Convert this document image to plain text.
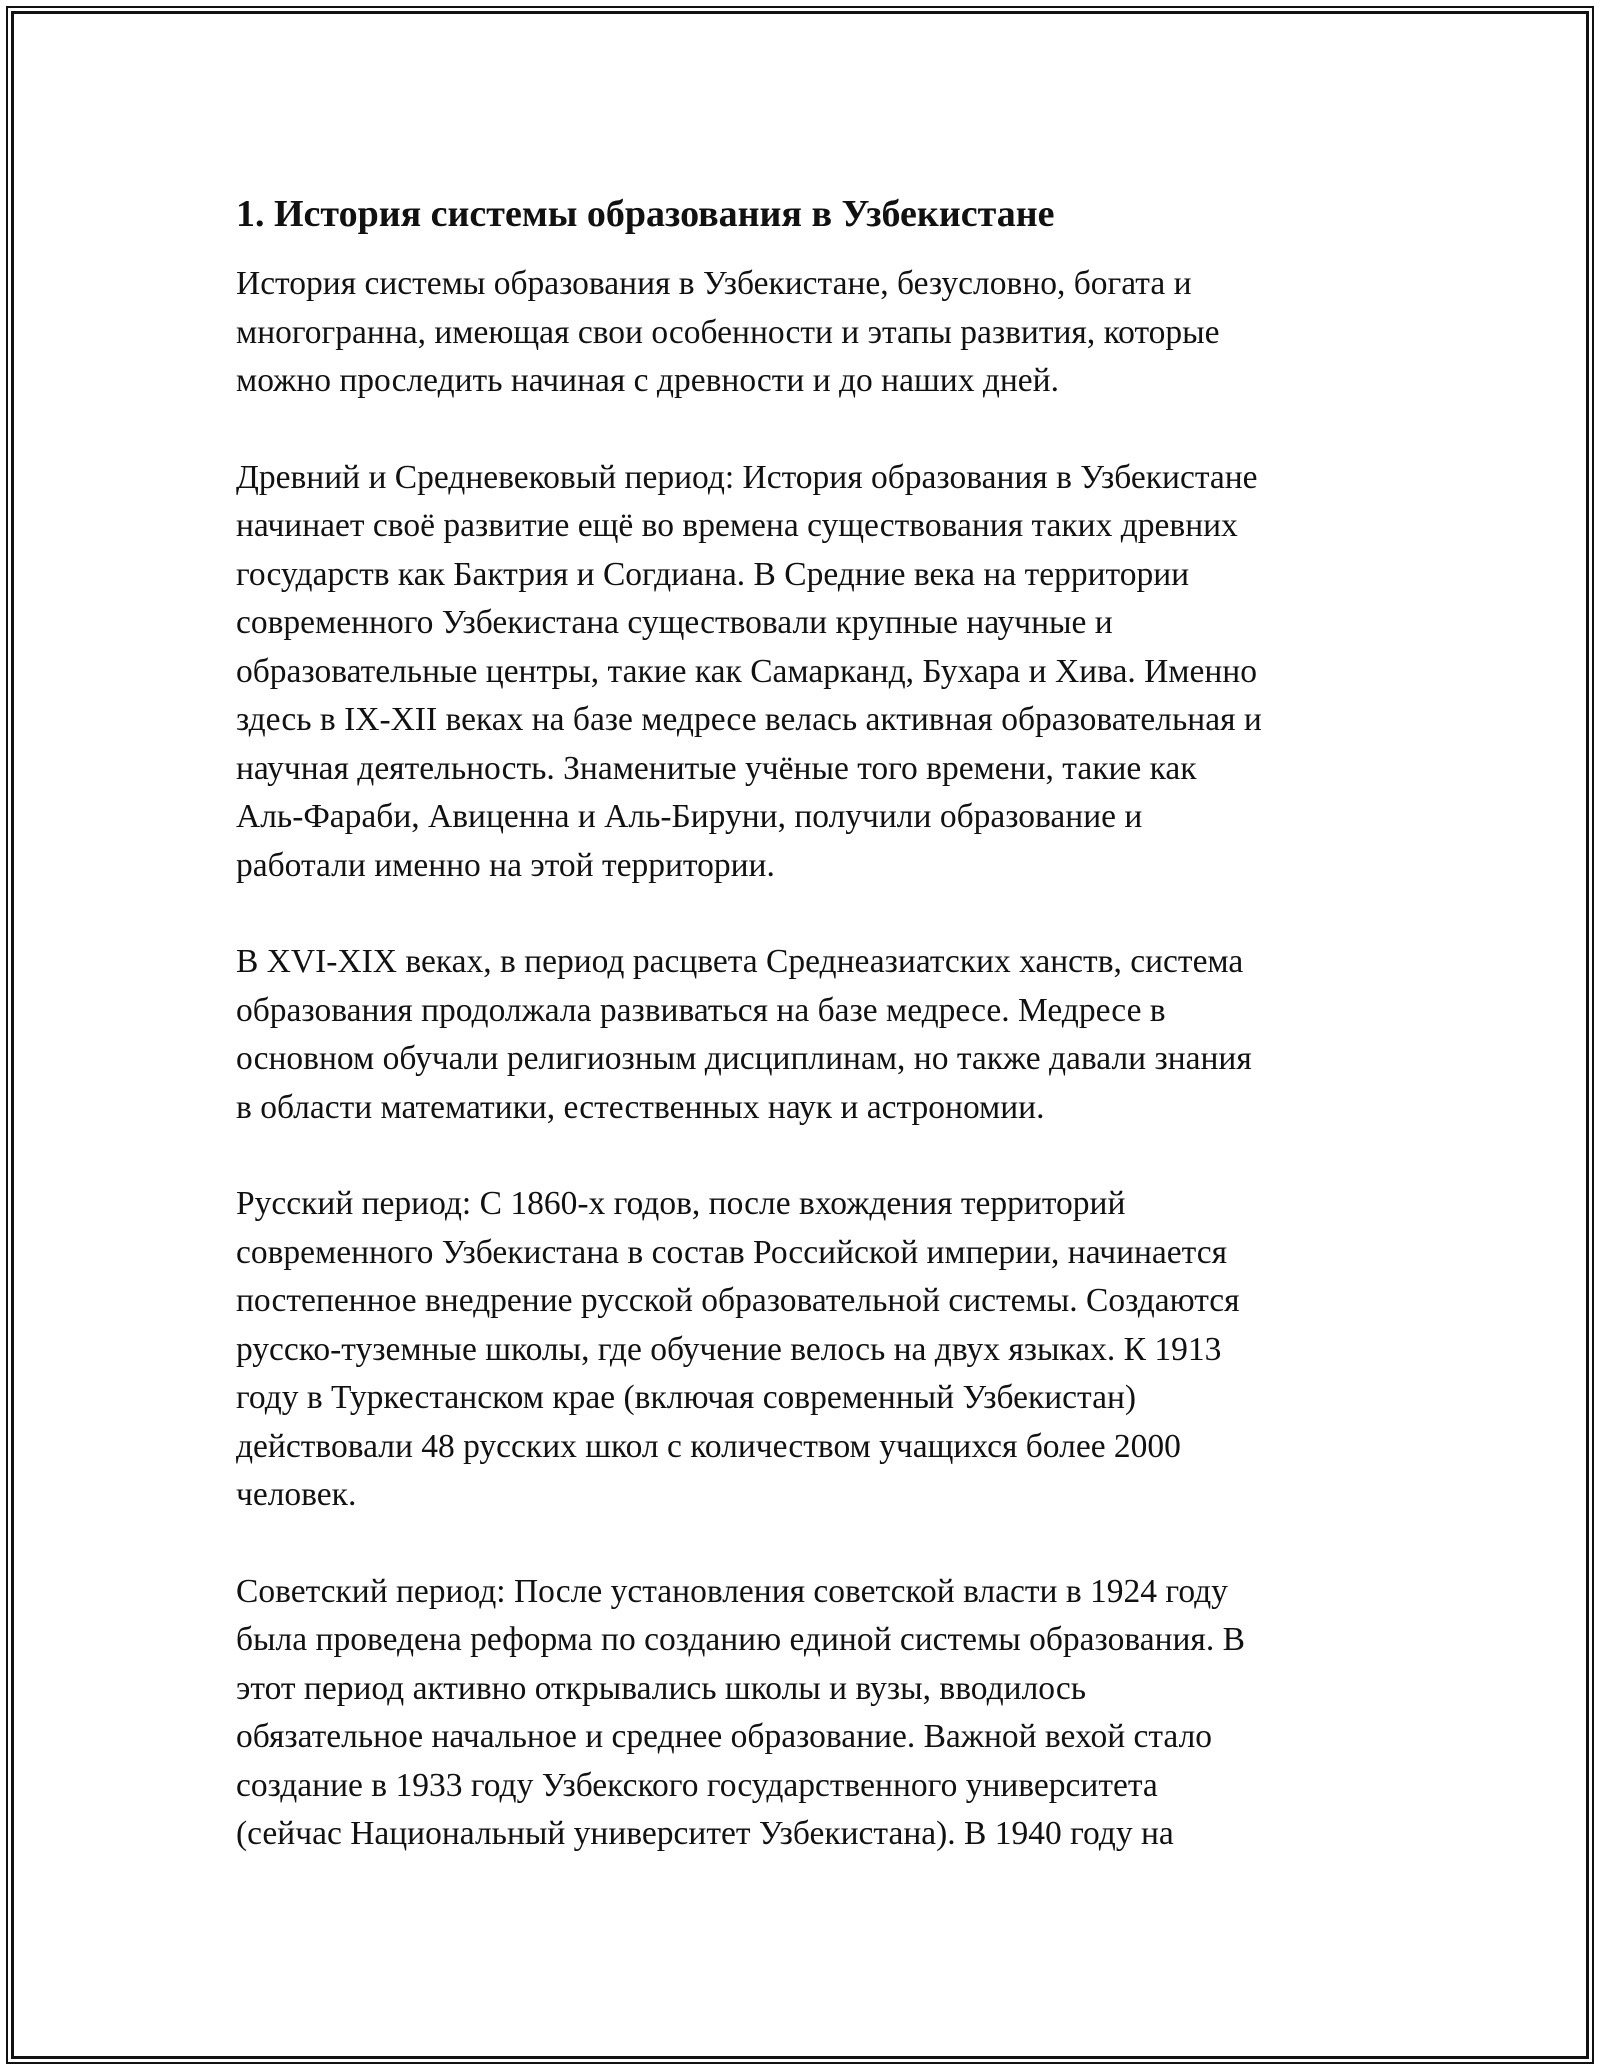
1. История системы образования в Узбекистане

История системы образования в Узбекистане, безусловно, богата и
многогранна, имеющая свои особенности и этапы развития, которые
можно проследить начиная с древности и до наших дней.

Древний и Средневековый период: История образования в Узбекистане
начинает своё развитие ещё во времена существования таких древних
государств как Бактрия и Согдиана. В Средние века на территории
современного Узбекистана существовали крупные научные и
образовательные центры, такие как Самарканд, Бухара и Хива. Именно
здесь в IX-XII веках на базе медресе велась активная образовательная и
научная деятельность. Знаменитые учёные того времени, такие как
Аль-Фараби, Авиценна и Аль-Бируни, получили образование и
работали именно на этой территории.

В XVI-XIX веках, в период расцвета Среднеазиатских ханств, система
образования продолжала развиваться на базе медресе. Медресе в
основном обучали религиозным дисциплинам, но также давали знания
в области математики, естественных наук и астрономии.

Русский период: С 1860-х годов, после вхождения территорий
современного Узбекистана в состав Российской империи, начинается
постепенное внедрение русской образовательной системы. Создаются
русско-туземные школы, где обучение велось на двух языках. К 1913
году в Туркестанском крае (включая современный Узбекистан)
действовали 48 русских школ с количеством учащихся более 2000
человек.

Советский период: После установления советской власти в 1924 году
была проведена реформа по созданию единой системы образования. В
этот период активно открывались школы и вузы, вводилось
обязательное начальное и среднее образование. Важной вехой стало
создание в 1933 году Узбекского государственного университета
(сейчас Национальный университет Узбекистана). В 1940 году на
